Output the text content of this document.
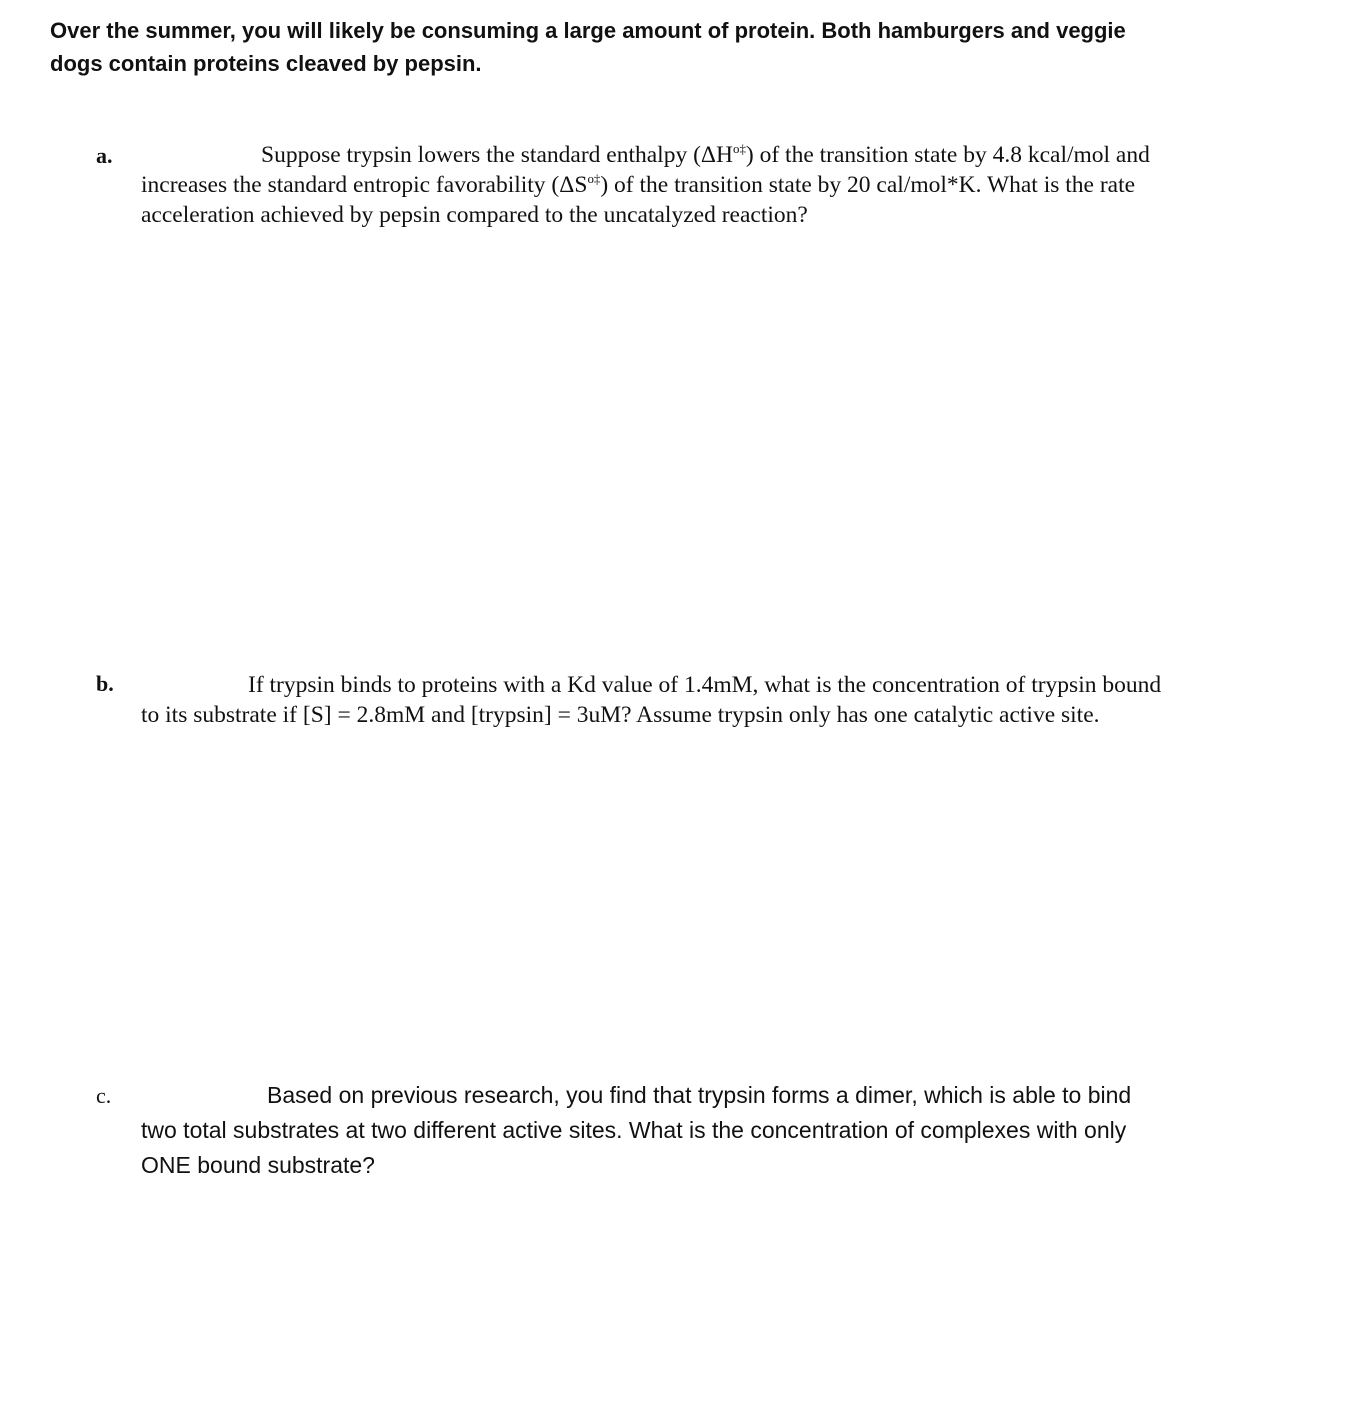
Over the summer, you will likely be consuming a large amount of protein. Both hamburgers and veggie dogs contain proteins cleaved by pepsin.
a.	Suppose trypsin lowers the standard enthalpy $(\Delta H^{o\ddagger})$ of the transition state by 4.8 kcal/mol and increases the standard entropic favorability $(\Delta S^{o\ddagger})$ of the transition state by 20 cal/mol*K. What is the rate acceleration achieved by pepsin compared to the uncatalyzed reaction?
b.	If trypsin binds to proteins with a Kd value of 1.4mM, what is the concentration of trypsin bound to its substrate if [S] = 2.8mM and [trypsin] = 3uM? Assume trypsin only has one catalytic active site.
c.	Based on previous research, you find that trypsin forms a dimer, which is able to bind two total substrates at two different active sites. What is the concentration of complexes with only ONE bound substrate?
